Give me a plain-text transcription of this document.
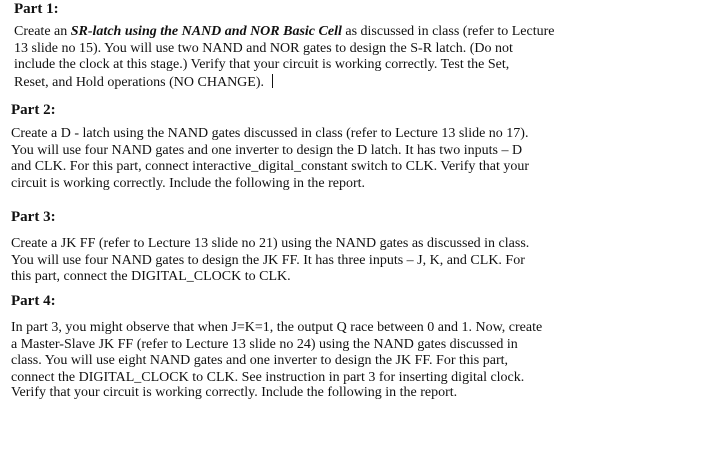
Part 1:
Create an SR-latch using the NAND and NOR Basic Cell as discussed in class (refer to Lecture
13 slide no 15). You will use two NAND and NOR gates to design the S-R latch. (Do not
include the clock at this stage.) Verify that your circuit is working correctly. Test the Set,
Reset, and Hold operations (NO CHANGE).
Part 2:
Create a D - latch using the NAND gates discussed in class (refer to Lecture 13 slide no 17).
You will use four NAND gates and one inverter to design the D latch. It has two inputs – D
and CLK. For this part, connect interactive_digital_constant switch to CLK. Verify that your
circuit is working correctly. Include the following in the report.
Part 3:
Create a JK FF (refer to Lecture 13 slide no 21) using the NAND gates as discussed in class.
You will use four NAND gates to design the JK FF. It has three inputs – J, K, and CLK. For
this part, connect the DIGITAL_CLOCK to CLK.
Part 4:
In part 3, you might observe that when J=K=1, the output Q race between 0 and 1. Now, create
a Master-Slave JK FF (refer to Lecture 13 slide no 24) using the NAND gates discussed in
class. You will use eight NAND gates and one inverter to design the JK FF. For this part,
connect the DIGITAL_CLOCK to CLK. See instruction in part 3 for inserting digital clock.
Verify that your circuit is working correctly. Include the following in the report.
